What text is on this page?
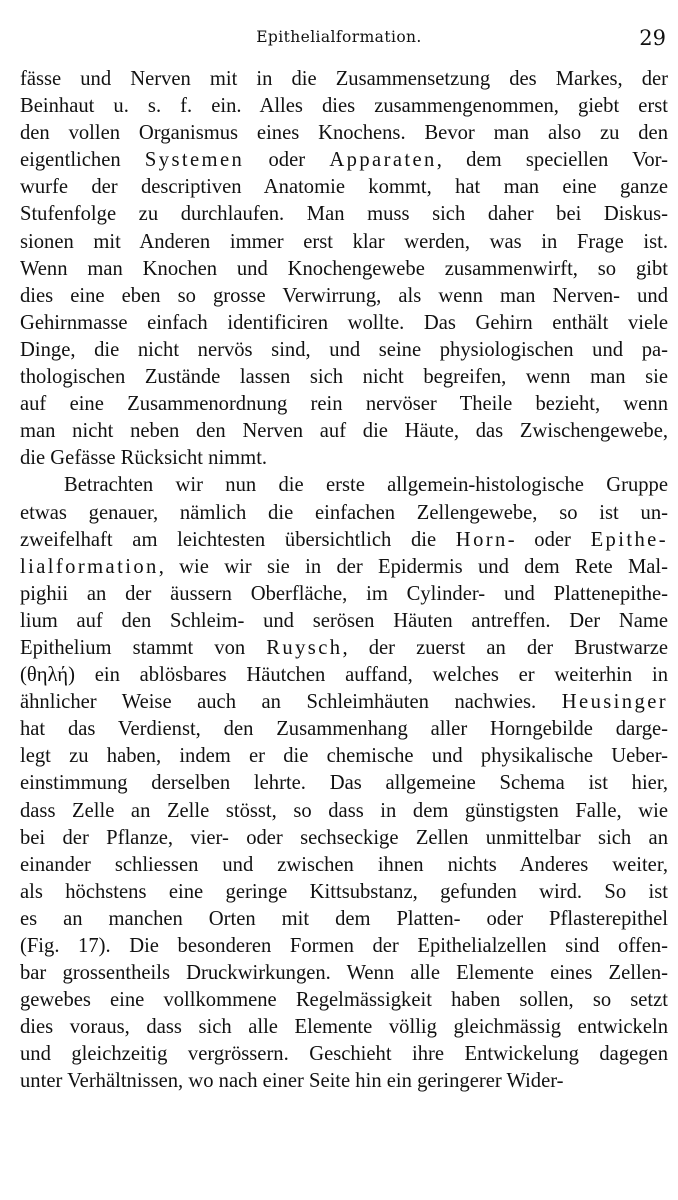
Epithelialformation.	29
fässe und Nerven mit in die Zusammensetzung des Markes, der
Beinhaut u. s. f. ein. Alles dies zusammengenommen, giebt erst
den vollen Organismus eines Knochens. Bevor man also zu den
eigentlichen Systemen oder Apparaten, dem speciellen Vor-
wurfe der descriptiven Anatomie kommt, hat man eine ganze
Stufenfolge zu durchlaufen. Man muss sich daher bei Diskus-
sionen mit Anderen immer erst klar werden, was in Frage ist.
Wenn man Knochen und Knochengewebe zusammenwirft, so gibt
dies eine eben so grosse Verwirrung, als wenn man Nerven- und
Gehirnmasse einfach identificiren wollte. Das Gehirn enthält viele
Dinge, die nicht nervös sind, und seine physiologischen und pa-
thologischen Zustände lassen sich nicht begreifen, wenn man sie
auf eine Zusammenordnung rein nervöser Theile bezieht, wenn
man nicht neben den Nerven auf die Häute, das Zwischengewebe,
die Gefässe Rücksicht nimmt.
Betrachten wir nun die erste allgemein-histologische Gruppe
etwas genauer, nämlich die einfachen Zellengewebe, so ist un-
zweifelhaft am leichtesten übersichtlich die Horn- oder Epithe-
lialformation, wie wir sie in der Epidermis und dem Rete Mal-
pighii an der äussern Oberfläche, im Cylinder- und Plattenepithe-
lium auf den Schleim- und serösen Häuten antreffen. Der Name
Epithelium stammt von Ruysch, der zuerst an der Brustwarze
(θηλή) ein ablösbares Häutchen auffand, welches er weiterhin in
ähnlicher Weise auch an Schleimhäuten nachwies. Heusinger
hat das Verdienst, den Zusammenhang aller Horngebilde darge-
legt zu haben, indem er die chemische und physikalische Ueber-
einstimmung derselben lehrte. Das allgemeine Schema ist hier,
dass Zelle an Zelle stösst, so dass in dem günstigsten Falle, wie
bei der Pflanze, vier- oder sechseckige Zellen unmittelbar sich an
einander schliessen und zwischen ihnen nichts Anderes weiter,
als höchstens eine geringe Kittsubstanz, gefunden wird. So ist
es an manchen Orten mit dem Platten- oder Pflasterepithel
(Fig. 17). Die besonderen Formen der Epithelialzellen sind offen-
bar grossentheils Druckwirkungen. Wenn alle Elemente eines Zellen-
gewebes eine vollkommene Regelmässigkeit haben sollen, so setzt
dies voraus, dass sich alle Elemente völlig gleichmässig entwickeln
und gleichzeitig vergrössern. Geschieht ihre Entwickelung dagegen
unter Verhältnissen, wo nach einer Seite hin ein geringerer Wider-
